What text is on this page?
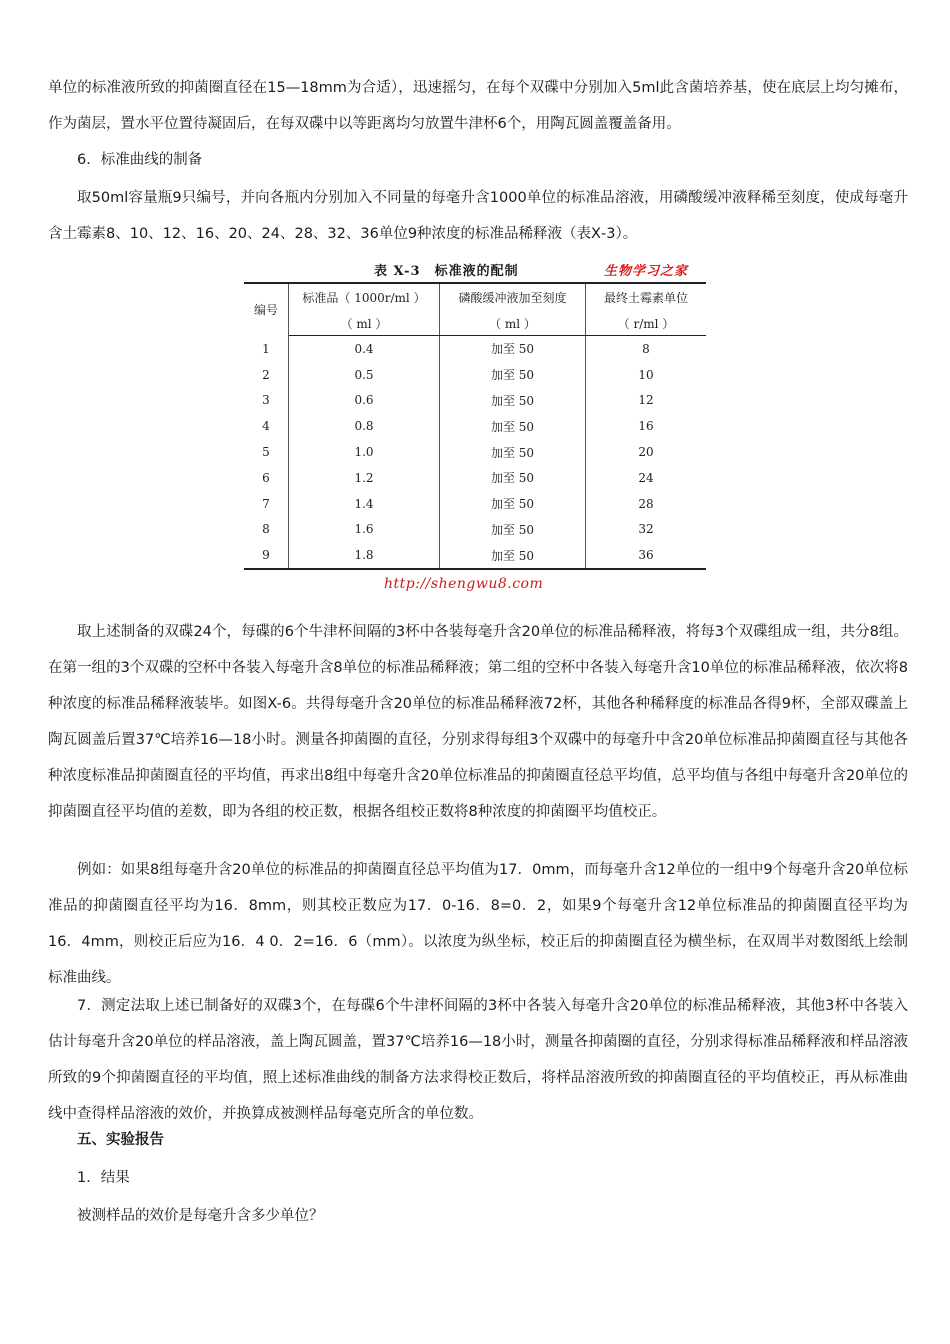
单位的标准液所致的抑菌圈直径在15—18mm为合适），迅速摇匀，在每个双碟中分别加入5ml此含菌培养基，使在底层上均匀摊布，作为菌层，置水平位置待凝固后，在每双碟中以等距离均匀放置牛津杯6个，用陶瓦圆盖覆盖备用。

6．标准曲线的制备

取50ml容量瓶9只编号，并向各瓶内分别加入不同量的每毫升含1000单位的标准品溶液，用磷酸缓冲液释稀至刻度，使成每毫升含土霉素8、10、12、16、20、24、28、32、36单位9种浓度的标准品稀释液（表Ⅹ-3）。

表 X-3　标准液的配制	生物学习之家
编号	标准品（ 1000r/ml ）	磷酸缓冲液加至刻度	最终土霉素单位
	（ ml ）	（ ml ）	（ r/ml ）
1	0.4	加至 50	8
2	0.5	加至 50	10
3	0.6	加至 50	12
4	0.8	加至 50	16
5	1.0	加至 50	20
6	1.2	加至 50	24
7	1.4	加至 50	28
8	1.6	加至 50	32
9	1.8	加至 50	36
http://shengwu8.com

取上述制备的双碟24个，每碟的6个牛津杯间隔的3杯中各装每毫升含20单位的标准品稀释液，将每3个双碟组成一组，共分8组。在第一组的3个双碟的空杯中各装入每毫升含8单位的标准品稀释液；第二组的空杯中各装入每毫升含10单位的标准品稀释液，依次将8种浓度的标准品稀释液装毕。如图X-6。共得每毫升含20单位的标准品稀释液72杯，其他各种稀释度的标准品各得9杯，全部双碟盖上陶瓦圆盖后置37℃培养16—18小时。测量各抑菌圈的直径，分别求得每组3个双碟中的每毫升中含20单位标准品抑菌圈直径与其他各种浓度标准品抑菌圈直径的平均值，再求出8组中每毫升含20单位标准品的抑菌圈直径总平均值，总平均值与各组中每毫升含20单位的抑菌圈直径平均值的差数，即为各组的校正数，根据各组校正数将8种浓度的抑菌圈平均值校正。

例如：如果8组每毫升含20单位的标准品的抑菌圈直径总平均值为17．0mm，而每毫升含12单位的一组中9个每毫升含20单位标准品的抑菌圈直径平均为16．8mm，则其校正数应为17．0-16．8=0．2，如果9个每毫升含12单位标准品的抑菌圈直径平均为16．4mm，则校正后应为16．4 0．2=16．6（mm）。以浓度为纵坐标，校正后的抑菌圈直径为横坐标，在双周半对数图纸上绘制标准曲线。

7．测定法取上述已制备好的双碟3个，在每碟6个牛津杯间隔的3杯中各装入每毫升含20单位的标准品稀释液，其他3杯中各装入估计每毫升含20单位的样品溶液，盖上陶瓦圆盖，置37℃培养16—18小时，测量各抑菌圈的直径，分别求得标准品稀释液和样品溶液所致的9个抑菌圈直径的平均值，照上述标准曲线的制备方法求得校正数后，将样品溶液所致的抑菌圈直径的平均值校正，再从标准曲线中查得样品溶液的效价，并换算成被测样品每毫克所含的单位数。

五、实验报告

1．结果

被测样品的效价是每毫升含多少单位？
